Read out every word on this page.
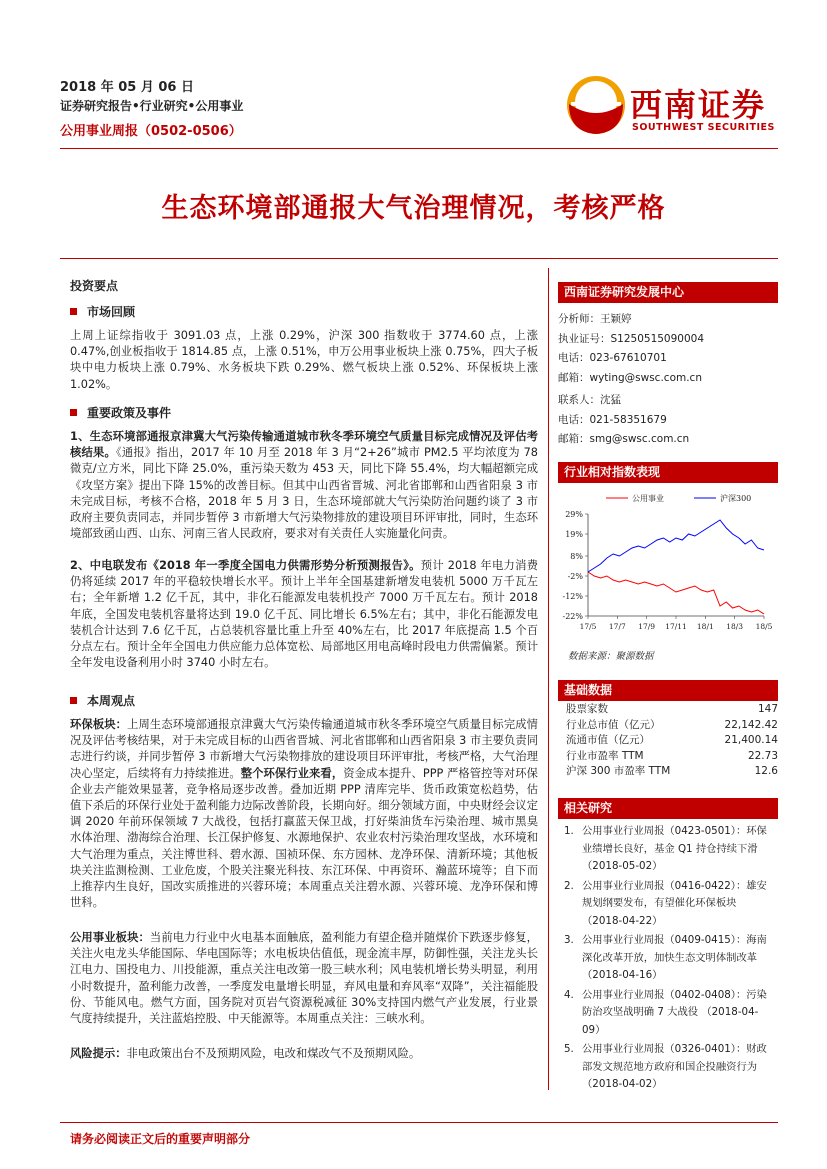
2018 年 05 月 06 日
证券研究报告•行业研究•公用事业
公用事业周报（0502-0506）
西南证券
SOUTHWEST SECURITIES
生态环境部通报大气治理情况，考核严格
投资要点
市场回顾

上周上证综指收于 3091.03 点，上涨 0.29%，沪深 300 指数收于 3774.60 点，上涨 0.47%,创业板指收于 1814.85 点，上涨 0.51%，申万公用事业板块上涨 0.75%，四大子板块中电力板块上涨 0.79%、水务板块下跌 0.29%、燃气板块上涨 0.52%、环保板块上涨 1.02%。

重要政策及事件

1、生态环境部通报京津冀大气污染传输通道城市秋冬季环境空气质量目标完成情况及评估考核结果。《通报》指出，2017 年 10 月至 2018 年 3 月“2+26”城市 PM2.5 平均浓度为 78 微克/立方米，同比下降 25.0%，重污染天数为 453 天，同比下降 55.4%，均大幅超额完成《攻坚方案》提出下降 15%的改善目标。但其中山西省晋城、河北省邯郸和山西省阳泉 3 市未完成目标，考核不合格，2018 年 5 月 3 日，生态环境部就大气污染防治问题约谈了 3 市政府主要负责同志，并同步暂停 3 市新增大气污染物排放的建设项目环评审批，同时，生态环境部致函山西、山东、河南三省人民政府，要求对有关责任人实施量化问责。

2、中电联发布《2018 年一季度全国电力供需形势分析预测报告》。预计 2018 年电力消费仍将延续 2017 年的平稳较快增长水平。预计上半年全国基建新增发电装机 5000 万千瓦左右；全年新增 1.2 亿千瓦，其中，非化石能源发电装机投产 7000 万千瓦左右。预计 2018 年底，全国发电装机容量将达到 19.0 亿千瓦、同比增长 6.5%左右；其中，非化石能源发电装机合计达到 7.6 亿千瓦，占总装机容量比重上升至 40%左右，比 2017 年底提高 1.5 个百分点左右。预计全年全国电力供应能力总体宽松、局部地区用电高峰时段电力供需偏紧。预计全年发电设备利用小时 3740 小时左右。

本周观点

环保板块：上周生态环境部通报京津冀大气污染传输通道城市秋冬季环境空气质量目标完成情况及评估考核结果，对于未完成目标的山西省晋城、河北省邯郸和山西省阳泉 3 市主要负责同志进行约谈，并同步暂停 3 市新增大气污染物排放的建设项目环评审批，考核严格，大气治理决心坚定，后续将有力持续推进。整个环保行业来看，资金成本提升、PPP 严格管控等对环保企业去产能效果显著，竞争格局逐步改善。叠加近期 PPP 清库完毕、货币政策宽松趋势，估值下杀后的环保行业处于盈利能力边际改善阶段，长期向好。细分领域方面，中央财经会议定调 2020 年前环保领域 7 大战役，包括打赢蓝天保卫战，打好柴油货车污染治理、城市黑臭水体治理、渤海综合治理、长江保护修复、水源地保护、农业农村污染治理攻坚战，水环境和大气治理为重点，关注博世科、碧水源、国祯环保、东方园林、龙净环保、清新环境；其他板块关注监测检测、工业危废，个股关注聚光科技、东江环保、中再资环、瀚蓝环境等；自下而上推荐内生良好，国改实质推进的兴蓉环境；本周重点关注碧水源、兴蓉环境、龙净环保和博世科。

公用事业板块：当前电力行业中火电基本面触底，盈利能力有望企稳并随煤价下跌逐步修复，关注火电龙头华能国际、华电国际等；水电板块估值低，现金流丰厚，防御性强，关注龙头长江电力、国投电力、川投能源，重点关注电改第一股三峡水利；风电装机增长势头明显，利用小时数提升，盈利能力改善，一季度发电量增长明显，弃风电量和弃风率“双降”，关注福能股份、节能风电。燃气方面，国务院对页岩气资源税减征 30%支持国内燃气产业发展，行业景气度持续提升，关注蓝焰控股、中天能源等。本周重点关注：三峡水利。

风险提示：非电政策出台不及预期风险，电改和煤改气不及预期风险。

西南证券研究发展中心
分析师：王颖婷
执业证号：S1250515090004
电话：023-67610701
邮箱：wyting@swsc.com.cn
联系人：沈猛
电话：021-58351679
邮箱：smg@swsc.com.cn
行业相对指数表现
公用事业	沪深300
29%
19%
8%
-2%
-12%
-22%
17/5 17/7 17/9 17/11 18/1 18/3 18/5
数据来源：聚源数据
基础数据
股票家数	147
行业总市值（亿元）	22,142.42
流通市值（亿元）	21,400.14
行业市盈率 TTM	22.73
沪深 300 市盈率 TTM	12.6
相关研究
1. 公用事业行业周报（0423-0501）：环保业绩增长良好，基金 Q1 持仓持续下滑 （2018-05-02）
2. 公用事业行业周报（0416-0422）：雄安规划纲要发布，有望催化环保板块 （2018-04-22）
3. 公用事业行业周报（0409-0415）：海南深化改革开放，加快生态文明体制改革 （2018-04-16）
4. 公用事业行业周报（0402-0408）：污染防治攻坚战明确 7 大战役 （2018-04-09）
5. 公用事业行业周报（0326-0401）：财政部发文规范地方政府和国企投融资行为 （2018-04-02）
请务必阅读正文后的重要声明部分
